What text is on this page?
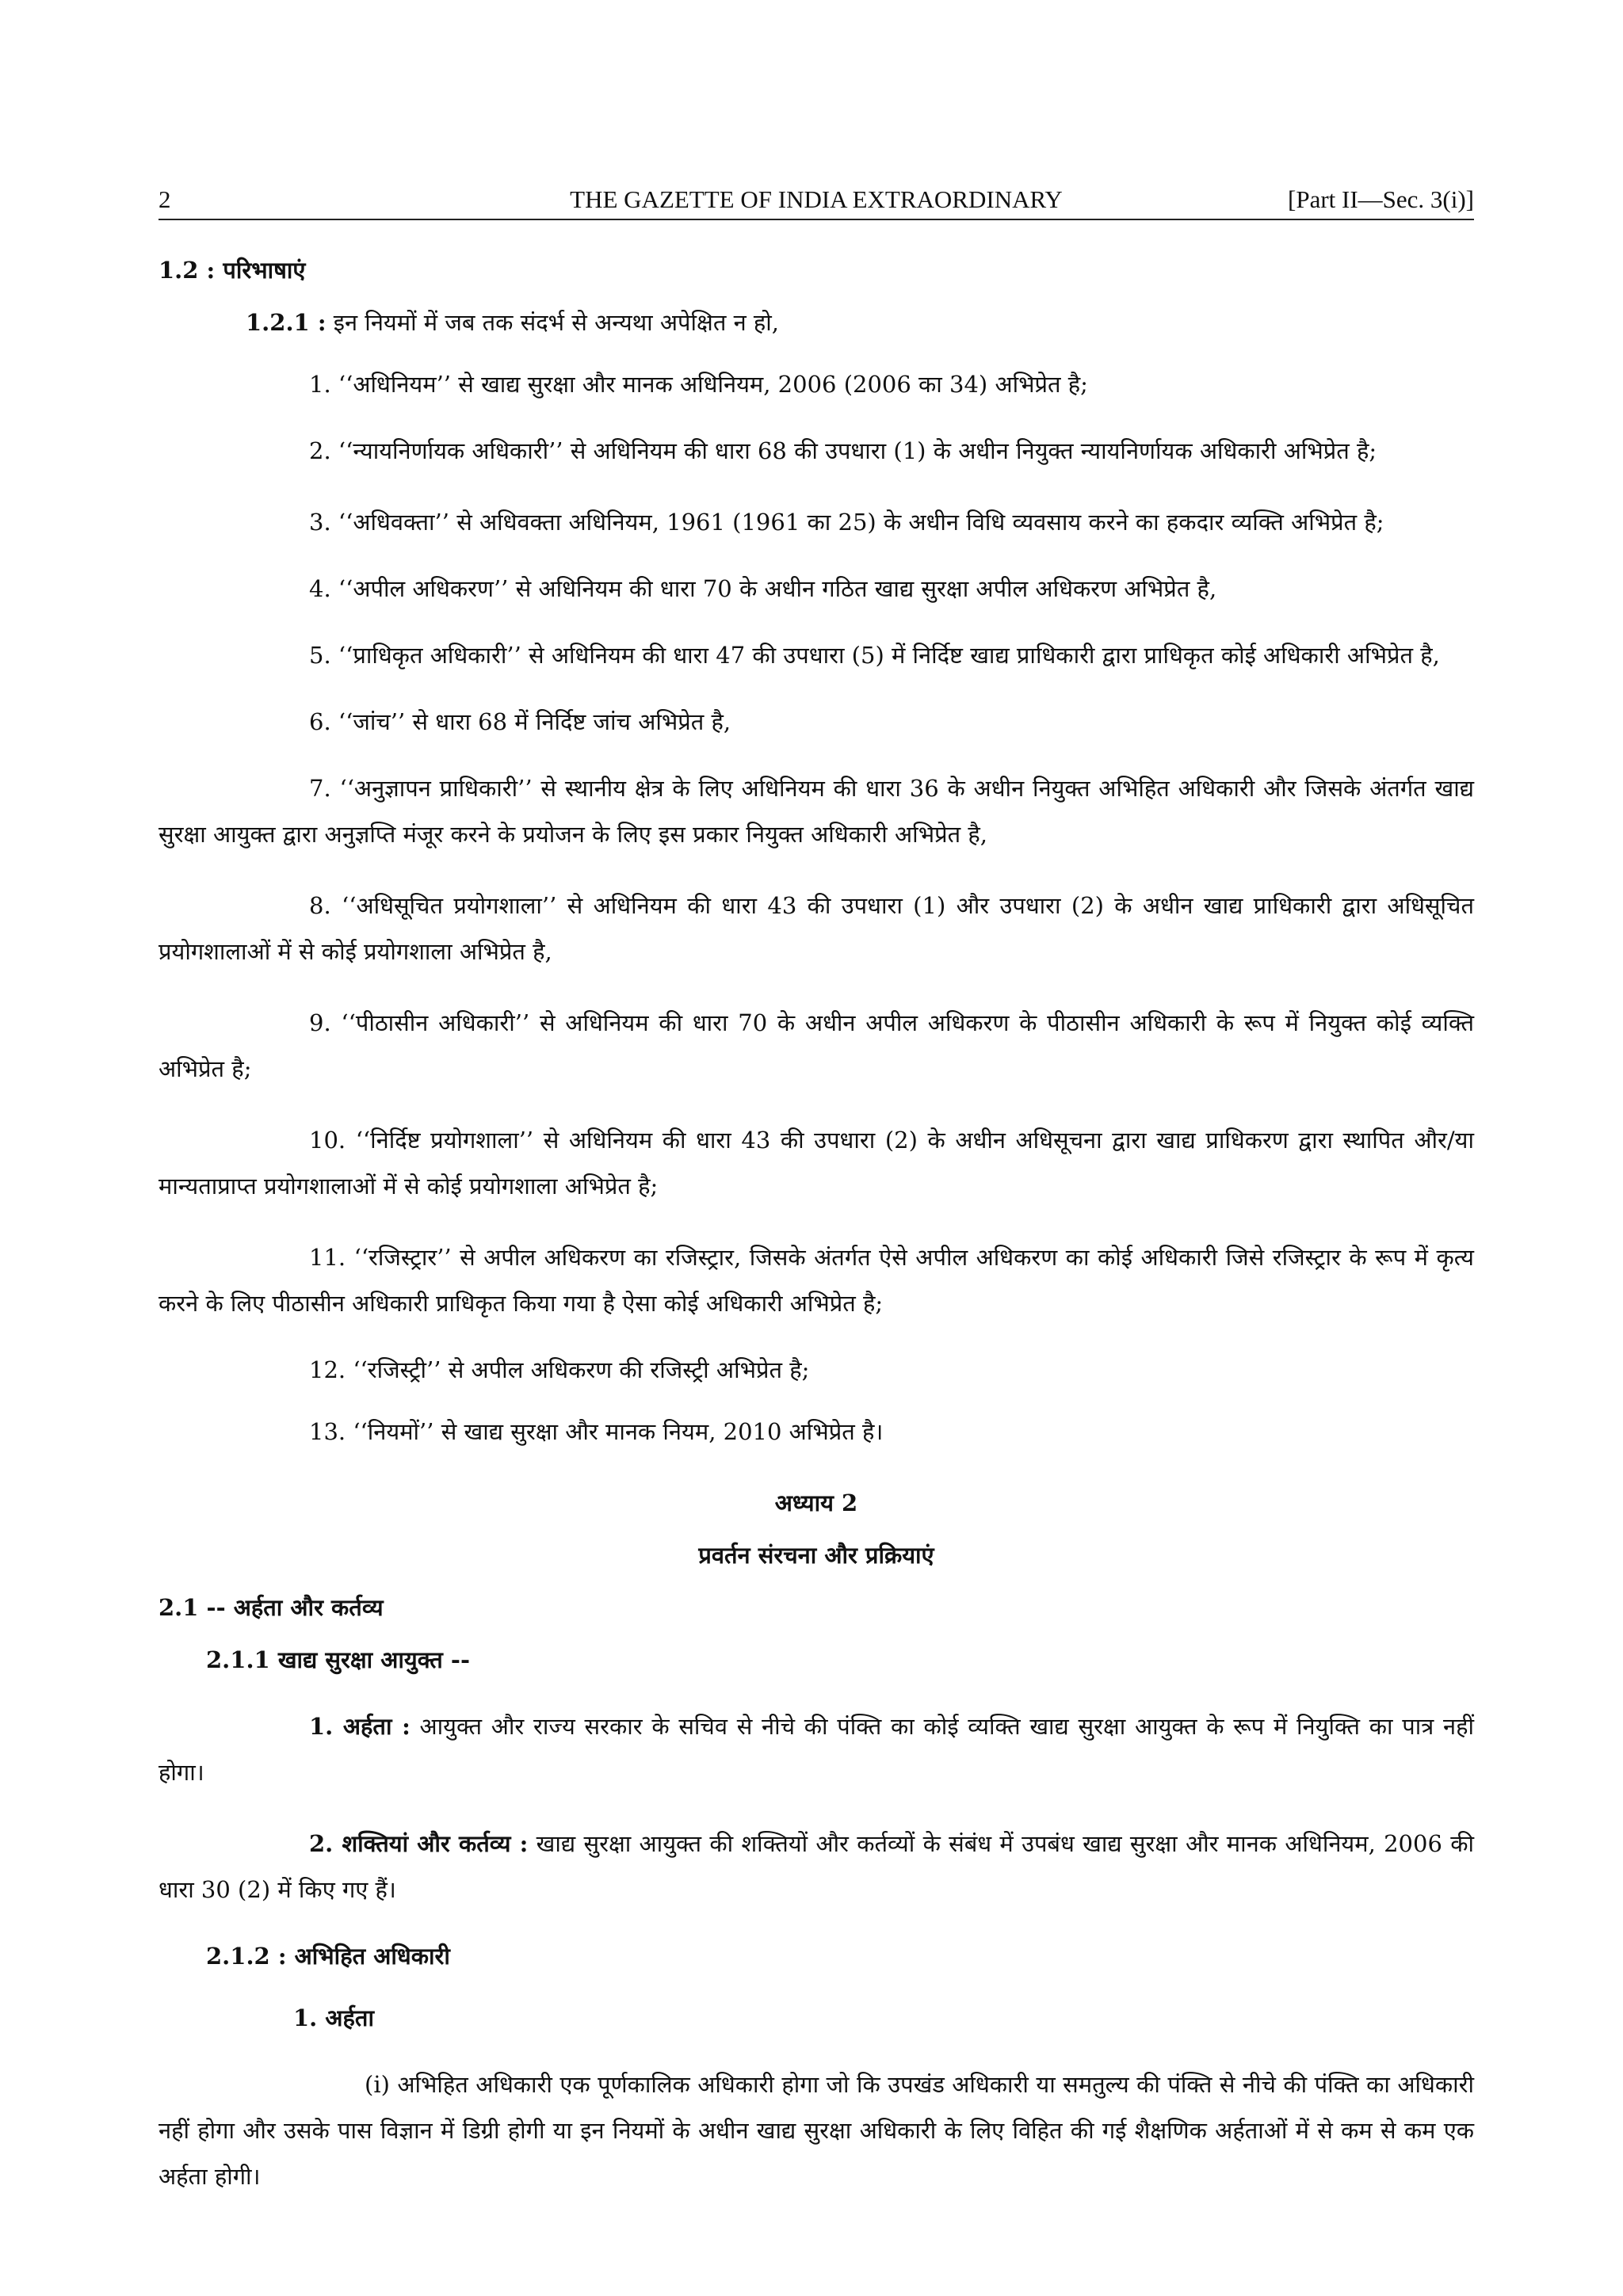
2	THE GAZETTE OF INDIA EXTRAORDINARY	[Part II—Sec. 3(i)]
1.2 : परिभाषाएं

1.2.1 : इन नियमों में जब तक संदर्भ से अन्यथा अपेक्षित न हो,

1. ‘‘अधिनियम’’ से खाद्य सुरक्षा और मानक अधिनियम, 2006 (2006 का 34) अभिप्रेत है;

2. ‘‘न्यायनिर्णायक अधिकारी’’ से अधिनियम की धारा 68 की उपधारा (1) के अधीन नियुक्त न्यायनिर्णायक अधिकारी अभिप्रेत है;

3. ‘‘अधिवक्ता’’ से अधिवक्ता अधिनियम, 1961 (1961 का 25) के अधीन विधि व्यवसाय करने का हकदार व्यक्ति अभिप्रेत है;

4. ‘‘अपील अधिकरण’’ से अधिनियम की धारा 70 के अधीन गठित खाद्य सुरक्षा अपील अधिकरण अभिप्रेत है,

5. ‘‘प्राधिकृत अधिकारी’’ से अधिनियम की धारा 47 की उपधारा (5) में निर्दिष्ट खाद्य प्राधिकारी द्वारा प्राधिकृत कोई अधिकारी अभिप्रेत है,

6. ‘‘जांच’’ से धारा 68 में निर्दिष्ट जांच अभिप्रेत है,

7. ‘‘अनुज्ञापन प्राधिकारी’’ से स्थानीय क्षेत्र के लिए अधिनियम की धारा 36 के अधीन नियुक्त अभिहित अधिकारी और जिसके अंतर्गत खाद्य सुरक्षा आयुक्त द्वारा अनुज्ञप्ति मंजूर करने के प्रयोजन के लिए इस प्रकार नियुक्त अधिकारी अभिप्रेत है,

8. ‘‘अधिसूचित प्रयोगशाला’’ से अधिनियम की धारा 43 की उपधारा (1) और उपधारा (2) के अधीन खाद्य प्राधिकारी द्वारा अधिसूचित प्रयोगशालाओं में से कोई प्रयोगशाला अभिप्रेत है,

9. ‘‘पीठासीन अधिकारी’’ से अधिनियम की धारा 70 के अधीन अपील अधिकरण के पीठासीन अधिकारी के रूप में नियुक्त कोई व्यक्ति अभिप्रेत है;

10. ‘‘निर्दिष्ट प्रयोगशाला’’ से अधिनियम की धारा 43 की उपधारा (2) के अधीन अधिसूचना द्वारा खाद्य प्राधिकरण द्वारा स्थापित और/या मान्यताप्राप्त प्रयोगशालाओं में से कोई प्रयोगशाला अभिप्रेत है;

11. ‘‘रजिस्ट्रार’’ से अपील अधिकरण का रजिस्ट्रार, जिसके अंतर्गत ऐसे अपील अधिकरण का कोई अधिकारी जिसे रजिस्ट्रार के रूप में कृत्य करने के लिए पीठासीन अधिकारी प्राधिकृत किया गया है ऐसा कोई अधिकारी अभिप्रेत है;

12. ‘‘रजिस्ट्री’’ से अपील अधिकरण की रजिस्ट्री अभिप्रेत है;

13. ‘‘नियमों’’ से खाद्य सुरक्षा और मानक नियम, 2010 अभिप्रेत है।

अध्याय 2
प्रवर्तन संरचना और प्रक्रियाएं
2.1 -- अर्हता और कर्तव्य
2.1.1 खाद्य सुरक्षा आयुक्त --

1. अर्हता : आयुक्त और राज्य सरकार के सचिव से नीचे की पंक्ति का कोई व्यक्ति खाद्य सुरक्षा आयुक्त के रूप में नियुक्ति का पात्र नहीं होगा।

2. शक्तियां और कर्तव्य : खाद्य सुरक्षा आयुक्त की शक्तियों और कर्तव्यों के संबंध में उपबंध खाद्य सुरक्षा और मानक अधिनियम, 2006 की धारा 30 (2) में किए गए हैं।

2.1.2 : अभिहित अधिकारी
1. अर्हता

(i) अभिहित अधिकारी एक पूर्णकालिक अधिकारी होगा जो कि उपखंड अधिकारी या समतुल्य की पंक्ति से नीचे की पंक्ति का अधिकारी नहीं होगा और उसके पास विज्ञान में डिग्री होगी या इन नियमों के अधीन खाद्य सुरक्षा अधिकारी के लिए विहित की गई शैक्षणिक अर्हताओं में से कम से कम एक अर्हता होगी।
